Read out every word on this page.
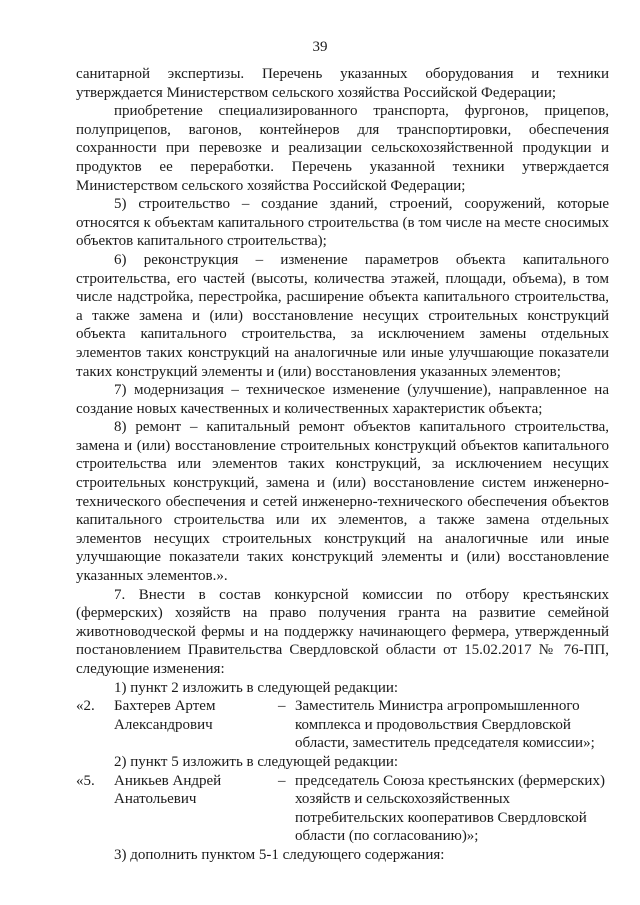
39

санитарной экспертизы. Перечень указанных оборудования и техники утверждается Министерством сельского хозяйства Российской Федерации;

приобретение специализированного транспорта, фургонов, прицепов, полуприцепов, вагонов, контейнеров для транспортировки, обеспечения сохранности при перевозке и реализации сельскохозяйственной продукции и продуктов ее переработки. Перечень указанной техники утверждается Министерством сельского хозяйства Российской Федерации;

5) строительство – создание зданий, строений, сооружений, которые относятся к объектам капитального строительства (в том числе на месте сносимых объектов капитального строительства);

6) реконструкция – изменение параметров объекта капитального строительства, его частей (высоты, количества этажей, площади, объема), в том числе надстройка, перестройка, расширение объекта капитального строительства, а также замена и (или) восстановление несущих строительных конструкций объекта капитального строительства, за исключением замены отдельных элементов таких конструкций на аналогичные или иные улучшающие показатели таких конструкций элементы и (или) восстановления указанных элементов;

7) модернизация – техническое изменение (улучшение), направленное на создание новых качественных и количественных характеристик объекта;

8) ремонт – капитальный ремонт объектов капитального строительства, замена и (или) восстановление строительных конструкций объектов капитального строительства или элементов таких конструкций, за исключением несущих строительных конструкций, замена и (или) восстановление систем инженерно-технического обеспечения и сетей инженерно-технического обеспечения объектов капитального строительства или их элементов, а также замена отдельных элементов несущих строительных конструкций на аналогичные или иные улучшающие показатели таких конструкций элементы и (или) восстановление указанных элементов.».

7. Внести в состав конкурсной комиссии по отбору крестьянских (фермерских) хозяйств на право получения гранта на развитие семейной животноводческой фермы и на поддержку начинающего фермера, утвержденный постановлением Правительства Свердловской области от 15.02.2017 № 76-ПП, следующие изменения:

1) пункт 2 изложить в следующей редакции:

«2.	Бахтерев Артем Александрович
– Заместитель Министра агропромышленного комплекса и продовольствия Свердловской области, заместитель председателя комиссии»;

2) пункт 5 изложить в следующей редакции:

«5.	Аникьев Андрей Анатольевич
– председатель Союза крестьянских (фермерских) хозяйств и сельскохозяйственных потребительских кооперативов Свердловской области (по согласованию)»;

3) дополнить пунктом 5-1 следующего содержания:
